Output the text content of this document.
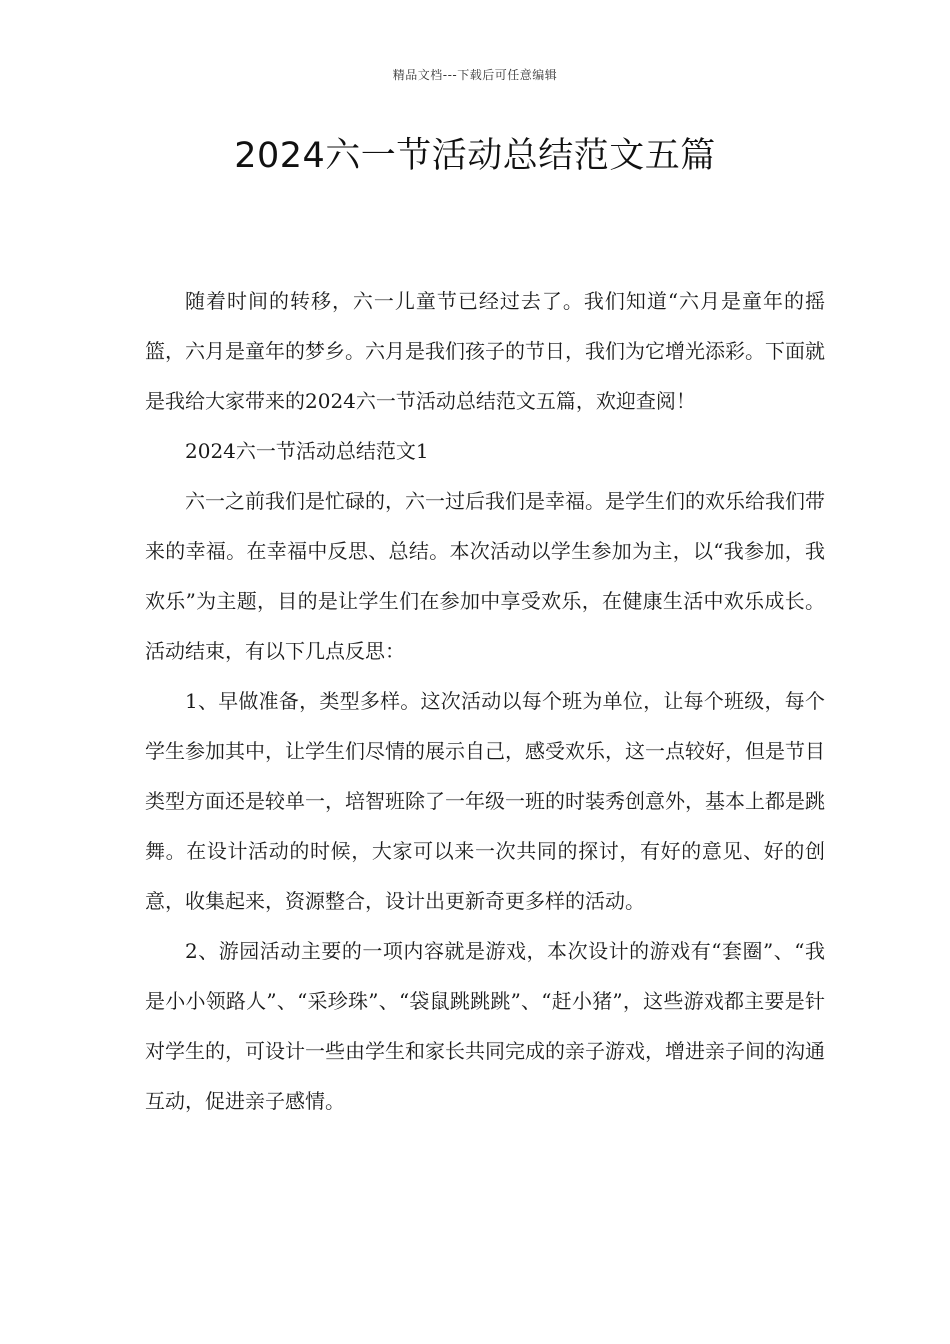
精品文档---下载后可任意编辑
2024六一节活动总结范文五篇

随着时间的转移，六一儿童节已经过去了。我们知道“六月是童年的摇篮，六月是童年的梦乡。六月是我们孩子的节日，我们为它增光添彩。下面就是我给大家带来的2024六一节活动总结范文五篇，欢迎查阅！

2024六一节活动总结范文1

六一之前我们是忙碌的，六一过后我们是幸福。是学生们的欢乐给我们带来的幸福。在幸福中反思、总结。本次活动以学生参加为主，以“我参加，我欢乐”为主题，目的是让学生们在参加中享受欢乐，在健康生活中欢乐成长。活动结束，有以下几点反思：

1、早做准备，类型多样。这次活动以每个班为单位，让每个班级，每个学生参加其中，让学生们尽情的展示自己，感受欢乐，这一点较好，但是节目类型方面还是较单一，培智班除了一年级一班的时装秀创意外，基本上都是跳舞。在设计活动的时候，大家可以来一次共同的探讨，有好的意见、好的创意，收集起来，资源整合，设计出更新奇更多样的活动。

2、游园活动主要的一项内容就是游戏，本次设计的游戏有“套圈”、“我是小小领路人”、“采珍珠”、“袋鼠跳跳跳”、“赶小猪”，这些游戏都主要是针对学生的，可设计一些由学生和家长共同完成的亲子游戏，增进亲子间的沟通互动，促进亲子感情。
